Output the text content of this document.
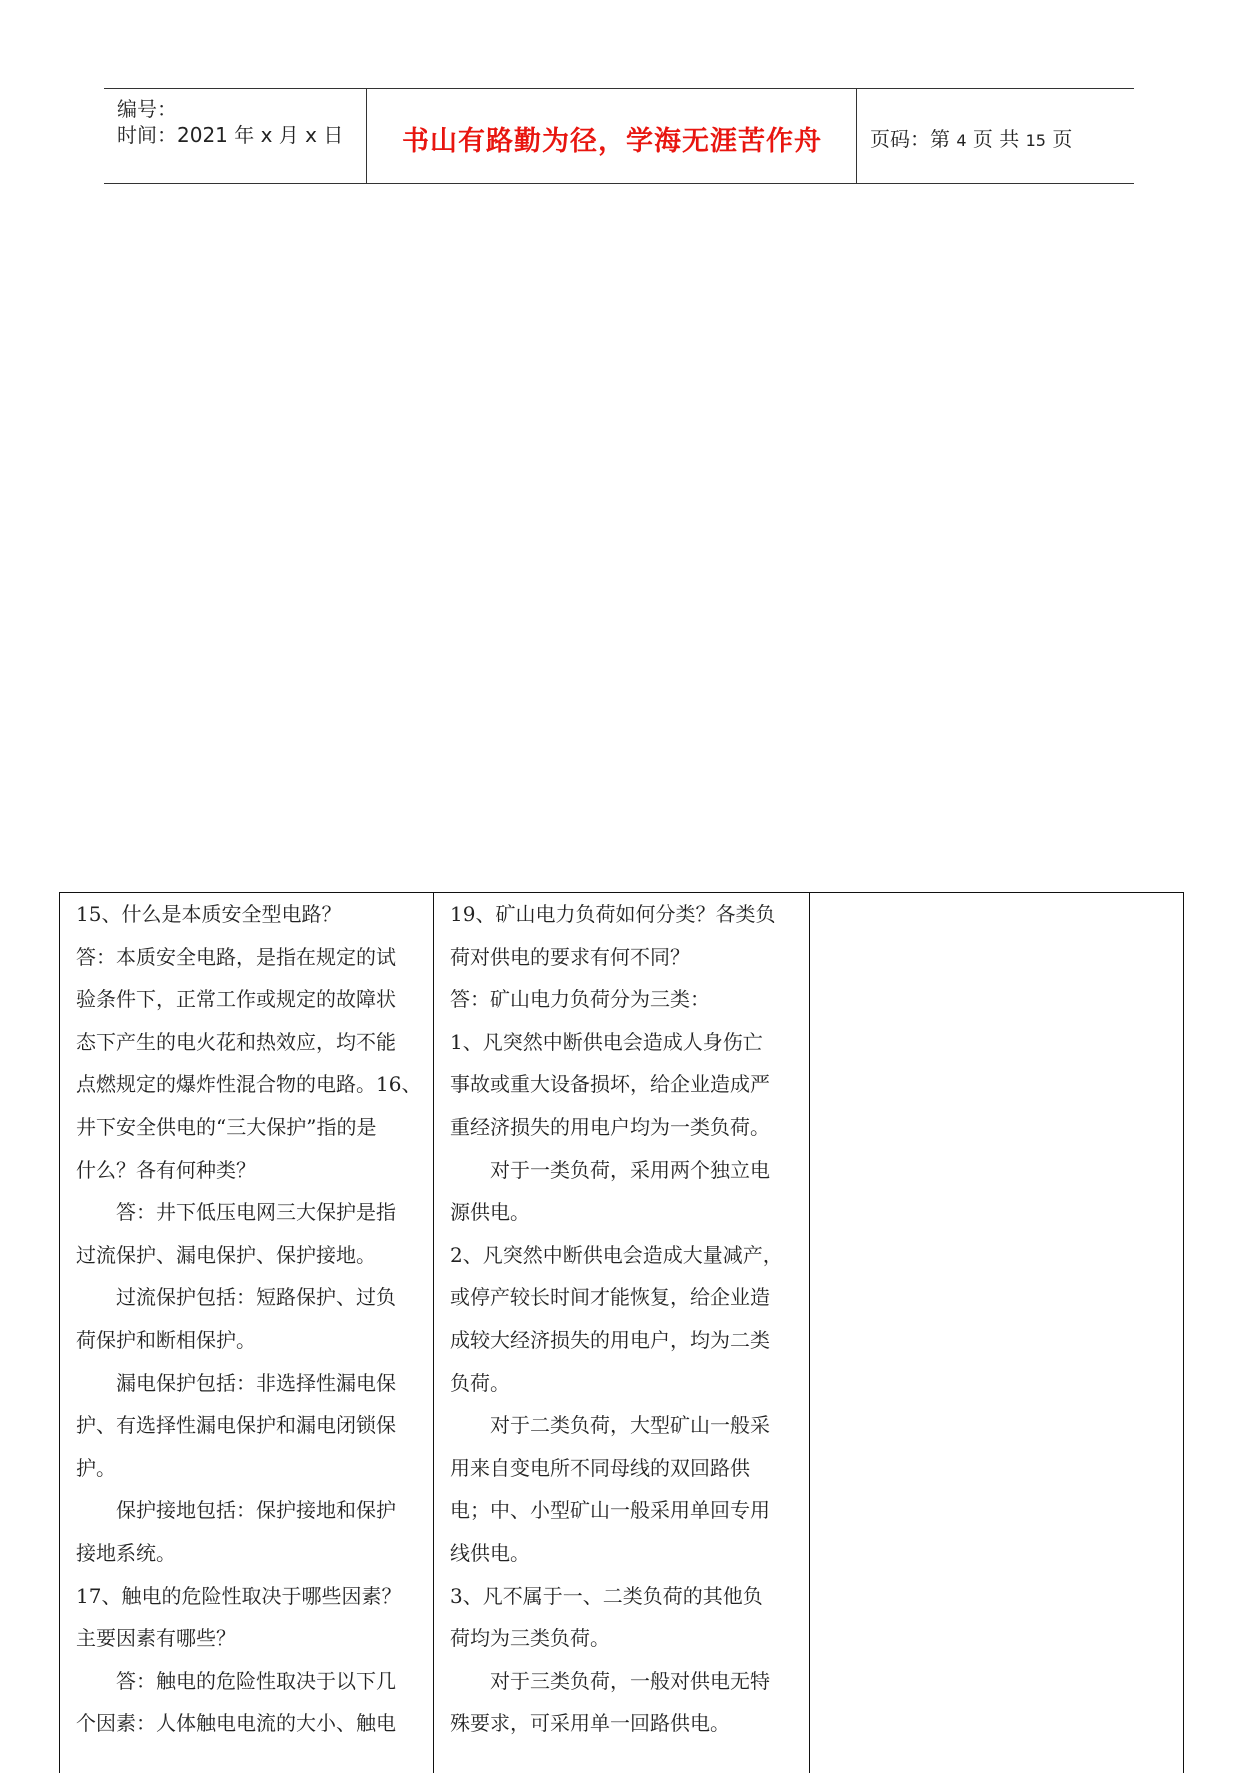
编号：
时间：2021 年 x 月 x 日	书山有路勤为径，学海无涯苦作舟	页码：第 4 页 共 15 页
15、什么是本质安全型电路？
答：本质安全电路，是指在规定的试
验条件下，正常工作或规定的故障状
态下产生的电火花和热效应，均不能
点燃规定的爆炸性混合物的电路。16、
井下安全供电的“三大保护”指的是
什么？各有何种类？
答：井下低压电网三大保护是指
过流保护、漏电保护、保护接地。
过流保护包括：短路保护、过负
荷保护和断相保护。
漏电保护包括：非选择性漏电保
护、有选择性漏电保护和漏电闭锁保
护。
保护接地包括：保护接地和保护
接地系统。
17、触电的危险性取决于哪些因素？
主要因素有哪些？
答：触电的危险性取决于以下几
个因素：人体触电电流的大小、触电
19、矿山电力负荷如何分类？各类负
荷对供电的要求有何不同？
答：矿山电力负荷分为三类：
1、凡突然中断供电会造成人身伤亡
事故或重大设备损坏，给企业造成严
重经济损失的用电户均为一类负荷。
对于一类负荷，采用两个独立电
源供电。
2、凡突然中断供电会造成大量减产，
或停产较长时间才能恢复，给企业造
成较大经济损失的用电户，均为二类
负荷。
对于二类负荷，大型矿山一般采
用来自变电所不同母线的双回路供
电；中、小型矿山一般采用单回专用
线供电。
3、凡不属于一、二类负荷的其他负
荷均为三类负荷。
对于三类负荷，一般对供电无特
殊要求，可采用单一回路供电。
